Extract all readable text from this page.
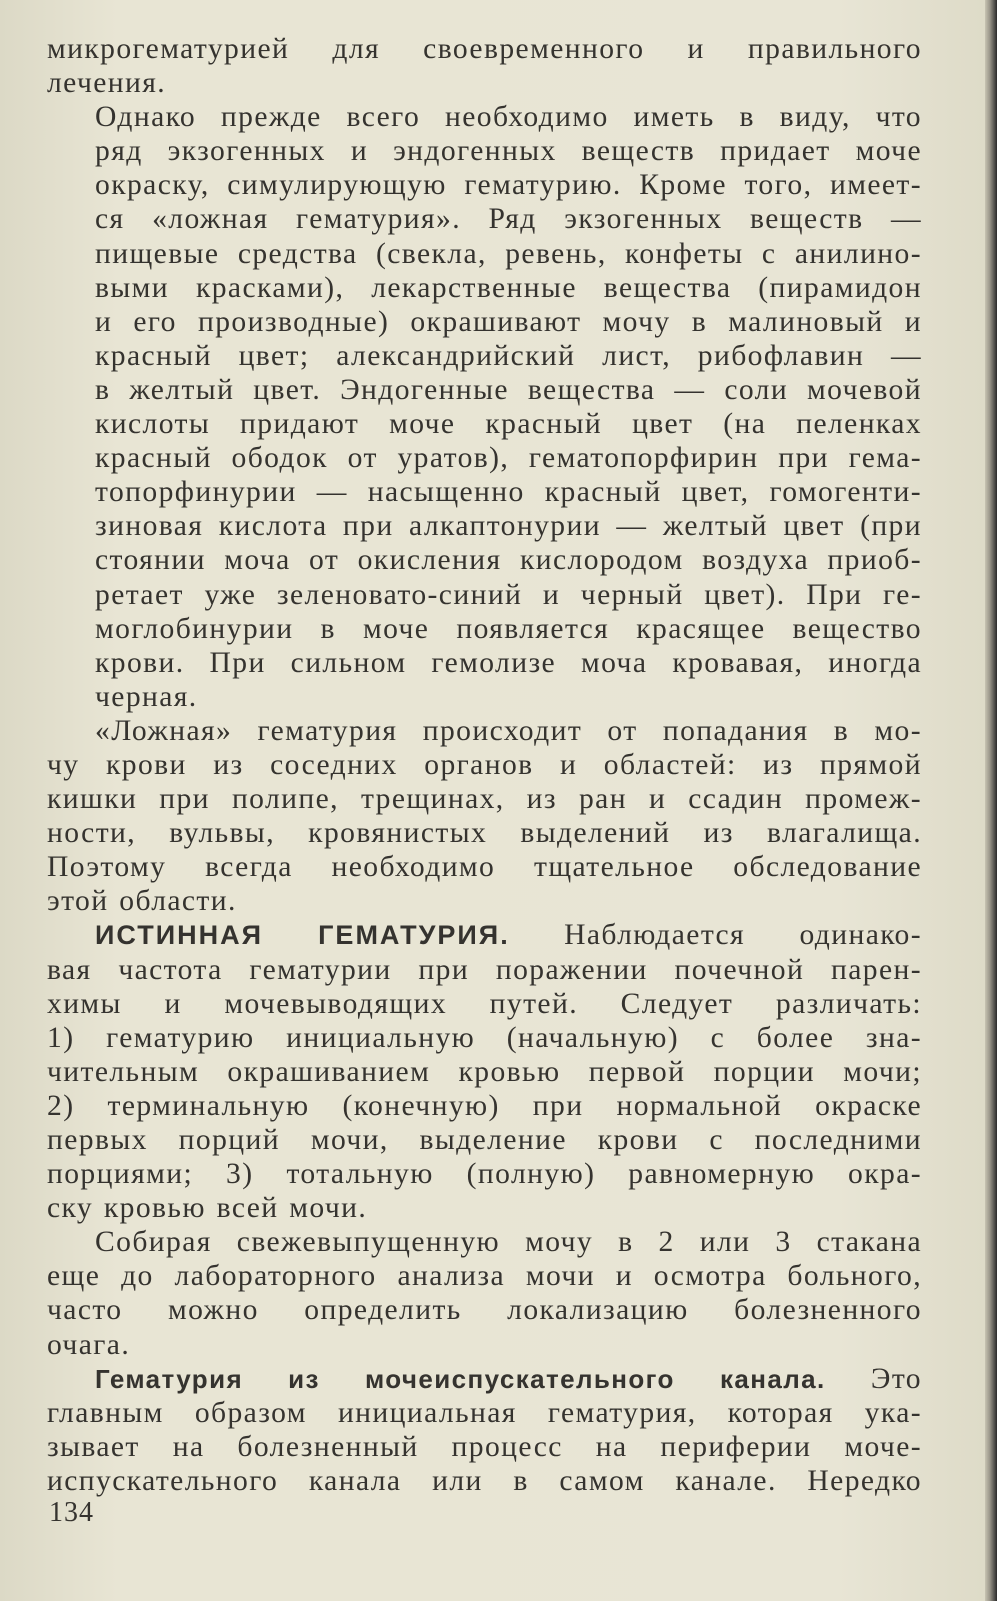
микрогематурией для своевременного и правильного
лечения.

Однако прежде всего необходимо иметь в виду, что
ряд экзогенных и эндогенных веществ придает моче
окраску, симулирующую гематурию. Кроме того, имеет-
ся «ложная гематурия». Ряд экзогенных веществ —
пищевые средства (свекла, ревень, конфеты с анилино-
выми красками), лекарственные вещества (пирамидон
и его производные) окрашивают мочу в малиновый и
красный цвет; александрийский лист, рибофлавин —
в желтый цвет. Эндогенные вещества — соли мочевой
кислоты придают моче красный цвет (на пеленках
красный ободок от уратов), гематопорфирин при гема-
топорфинурии — насыщенно красный цвет, гомогенти-
зиновая кислота при алкаптонурии — желтый цвет (при
стоянии моча от окисления кислородом воздуха приоб-
ретает уже зеленовато-синий и черный цвет). При ге-
моглобинурии в моче появляется красящее вещество
крови. При сильном гемолизе моча кровавая, иногда
черная.

«Ложная» гематурия происходит от попадания в мо-
чу крови из соседних органов и областей: из прямой
кишки при полипе, трещинах, из ран и ссадин промеж-
ности, вульвы, кровянистых выделений из влагалища.
Поэтому всегда необходимо тщательное обследование
этой области.

ИСТИННАЯ ГЕМАТУРИЯ. Наблюдается одинако-
вая частота гематурии при поражении почечной парен-
химы и мочевыводящих путей. Следует различать:
1) гематурию инициальную (начальную) с более зна-
чительным окрашиванием кровью первой порции мочи;
2) терминальную (конечную) при нормальной окраске
первых порций мочи, выделение крови с последними
порциями; 3) тотальную (полную) равномерную окра-
ску кровью всей мочи.

Собирая свежевыпущенную мочу в 2 или 3 стакана
еще до лабораторного анализа мочи и осмотра больного,
часто можно определить локализацию болезненного
очага.

Гематурия из мочеиспускательного канала. Это
главным образом инициальная гематурия, которая ука-
зывает на болезненный процесс на периферии моче-
испускательного канала или в самом канале. Нередко

134
